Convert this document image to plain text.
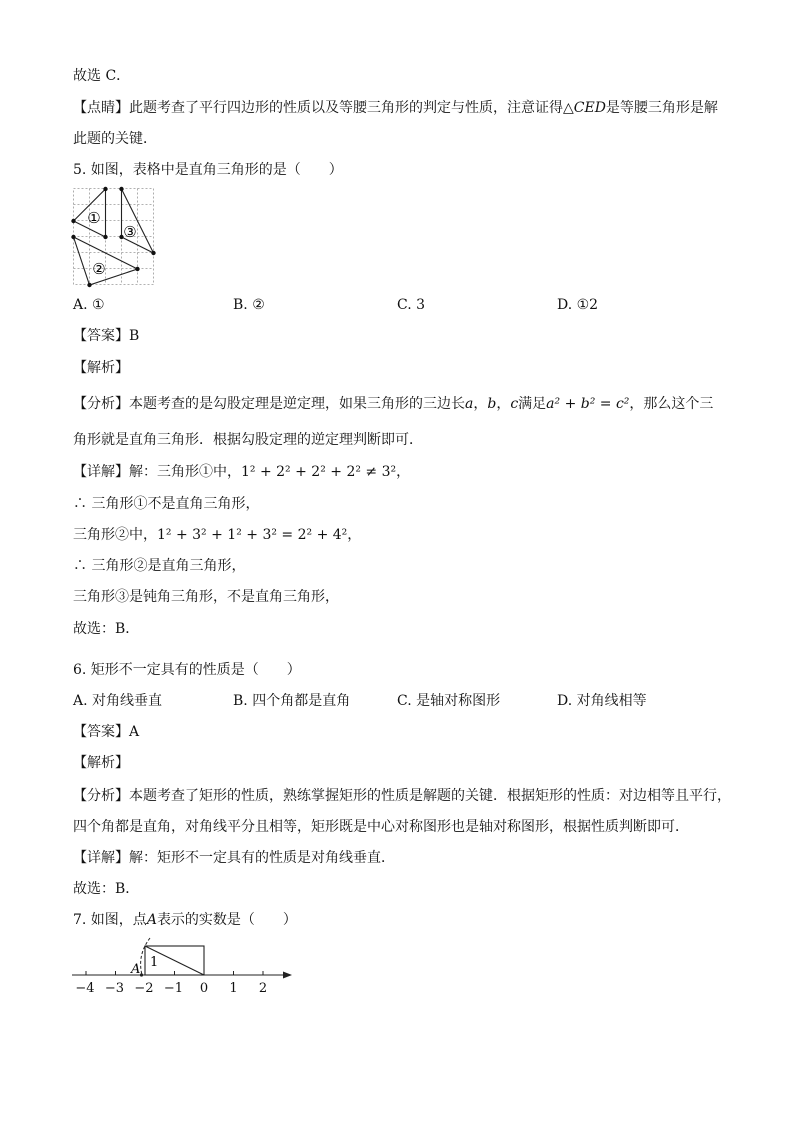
故选 C．
【点睛】此题考查了平行四边形的性质以及等腰三角形的判定与性质，注意证得△CED是等腰三角形是解
此题的关键．
5. 如图，表格中是直角三角形的是（　　）
①
②
③
A. ①	B. ②	C. 3	D. ①2
【答案】B
【解析】
【分析】本题考查的是勾股定理是逆定理，如果三角形的三边长a，b，c满足a² + b² = c²，那么这个三
角形就是直角三角形．根据勾股定理的逆定理判断即可．
【详解】解：三角形①中，1² + 2² + 2² + 2² ≠ 3²，
∴ 三角形①不是直角三角形，
三角形②中，1² + 3² + 1² + 3² = 2² + 4²，
∴ 三角形②是直角三角形，
三角形③是钝角三角形，不是直角三角形，
故选：B．
6. 矩形不一定具有的性质是（　　）
A. 对角线垂直	B. 四个角都是直角	C. 是轴对称图形	D. 对角线相等
【答案】A
【解析】
【分析】本题考查了矩形的性质，熟练掌握矩形的性质是解题的关键．根据矩形的性质：对边相等且平行，
四个角都是直角，对角线平分且相等，矩形既是中心对称图形也是轴对称图形，根据性质判断即可．
【详解】解：矩形不一定具有的性质是对角线垂直．
故选：B．
7. 如图，点A表示的实数是（　　）
A 1
−4 −3 −2 −1 0 1 2
